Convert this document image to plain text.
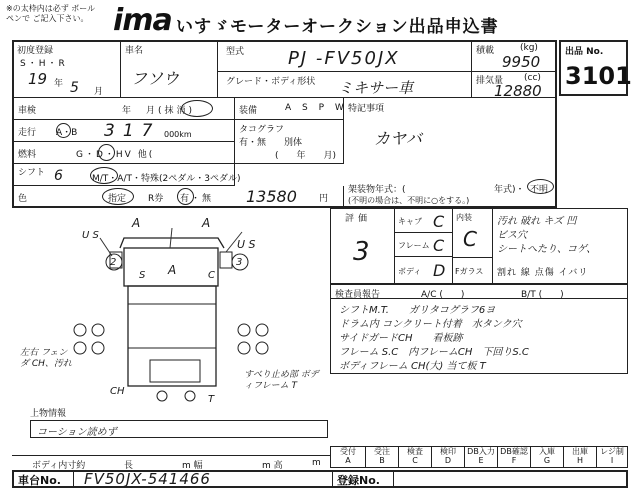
※の太枠内は必ず ボールペンで ご記入下さい。 ima いすゞモーターオークション出品申込書
初度登録
S・H・R
19 年 5 月
車名
フソウ
型式 PJ -FV50JX
グレード・ボディ形状 ミキサー車
積載	(kg)
9950
排気量 (cc)
12880
車検	年　月(抹消)
走行 A・B 317 000km
燃料	G・D・HV 他(
シフト 6	M/T・A/T・特殊(2ペダル・3ペダル)
色	指定 R券 有・無 13580 円
装備	A S P W
タコグラフ
有・無　　別体
(　　年　　月)
特記事項
カヤバ
架装物年式：(	年式)・ 不明
(不明の場合は、不明に○をする。)
出品 No.
3101
U S
A	A
U S
A
S	C
2	3
CH
T
左右 フェンダ CH、汚れ
すべり止め部 ボディフレーム T
評価
3
キャブ C
フレーム C
ボディ D
内装
C
Fガラス
汚れ 破れ キズ 凹
ビス穴
シートへたり、コゲ、
割れ 線 点傷 イバリ
検査員報告	A/C (　　)	B/T (　　)
シフトM.T.　　ガリタコグラフ6ヨ
ドラム内 コンクリート付着　水タンク穴
サイドガードCH　　看板跡
フレーム S.C　内フレームCH　下回りS.C
ボディフレーム CH(大) 当て板 T
上物情報
コーション読めず
ボディ内寸約	長	m 幅	m 高	m
受付
A
受注
B
検査
C
検印
D
DB入力
E
DB確認
F
入庫
G
出庫
H
レジ制
I
車台No. FV50JX-541466	登録No.
